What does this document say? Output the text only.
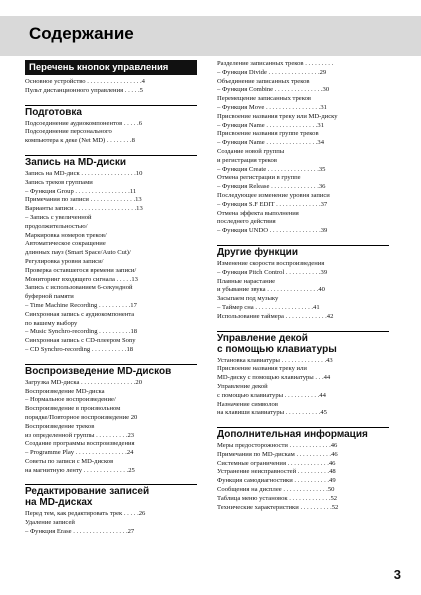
Содержание
Перечень кнопок управления
Основное устройство . . . . . . . . . . . . . . . . .4
Пульт дистанционного управления . . . . .5
Подготовка
Подсоединение аудиокомпонентов . . . . .6
Подсоединение персонального
компьютера к деке (Net MD) . . . . . . . .8
Запись на MD-диски
Запись на MD-диск . . . . . . . . . . . . . . . . .10
Запись треков группами
– Функция Group . . . . . . . . . . . . . . . . .11
Примечания по записи . . . . . . . . . . . . . .13
Варианты записи . . . . . . . . . . . . . . . . . . .13
– Запись с увеличенной
продолжительностью/
Маркировка номеров треков/
Автоматическое сокращение
длинных пауз (Smart Space/Auto Cut)/
Регулировка уровня записи/
Проверка оставшегося времени записи/
Мониторинг входящего сигнала . . . . .13
Запись с использованием 6-секундной
буферной памяти
– Time Machine Recording . . . . . . . . . .17
Синхронная запись с аудиокомпонента
по вашему выбору
– Music Synchro-recording . . . . . . . . . .18
Синхронная запись с CD-плеером Sony
– CD Synchro-recording . . . . . . . . . . .18
Воспроизведение MD-дисков
Загрузка MD-диска . . . . . . . . . . . . . . . . .20
Воспроизведение MD-диска
– Нормальное воспроизведение/
Воспроизведение в произвольном
порядке/Повторное воспроизведение 20
Воспроизведение треков
из определенной группы . . . . . . . . . .23
Создание программы воспроизведения
– Programme Play . . . . . . . . . . . . . . . .24
Советы по записи с MD-дисков
на магнитную ленту . . . . . . . . . . . . . .25
Редактирование записей
на MD-дисках
Перед тем, как редактировать трек . . . . .26
Удаление записей
– Функция Erase . . . . . . . . . . . . . . . . .27
Разделение записанных треков . . . . . . . . .
– Функция Divide . . . . . . . . . . . . . . . .29
Объединение записанных треков
– Функция Combine . . . . . . . . . . . . . . .30
Перемещение записанных треков
– Функция Move . . . . . . . . . . . . . . . . .31
Присвоение названия треку или MD-диску
– Функция Name . . . . . . . . . . . . . . . .31
Присвоение названия группе треков
– Функция Name . . . . . . . . . . . . . . . .34
Создание новой группы
и регистрация треков
– Функция Create . . . . . . . . . . . . . . . .35
Отмена регистрации в группе
– Функция Release . . . . . . . . . . . . . . .36
Последующее изменение уровня записи
– Функция S.F EDIT . . . . . . . . . . . . . .37
Отмена эффекта выполнения
последнего действия
– Функция UNDO . . . . . . . . . . . . . . . .39
Другие функции
Изменение скорости воспроизведения
– Функция Pitch Control . . . . . . . . . . .39
Плавные нарастание
и убывание звука . . . . . . . . . . . . . . . .40
Засыпаем под музыку
– Таймер сна . . . . . . . . . . . . . . . . . .41
Использование таймера . . . . . . . . . . . . .42
Управление декой
с помощью клавиатуры
Установка клавиатуры . . . . . . . . . . . . . .43
Присвоение названия треку или
MD-диску с помощью клавиатуры . . .44
Управление декой
с помощью клавиатуры . . . . . . . . . . .44
Назначение символов
на клавиши клавиатуры . . . . . . . . . . .45
Дополнительная информация
Меры предосторожности . . . . . . . . . . . . .46
Примечания по MD-дискам . . . . . . . . . . .46
Системные ограничения . . . . . . . . . . . . .46
Устранение неисправностей . . . . . . . . . .48
Функция самодиагностики . . . . . . . . . . .49
Сообщения на дисплее . . . . . . . . . . . . . .50
Таблица меню установок . . . . . . . . . . . . .52
Технические характеристики . . . . . . . . . .52
3
